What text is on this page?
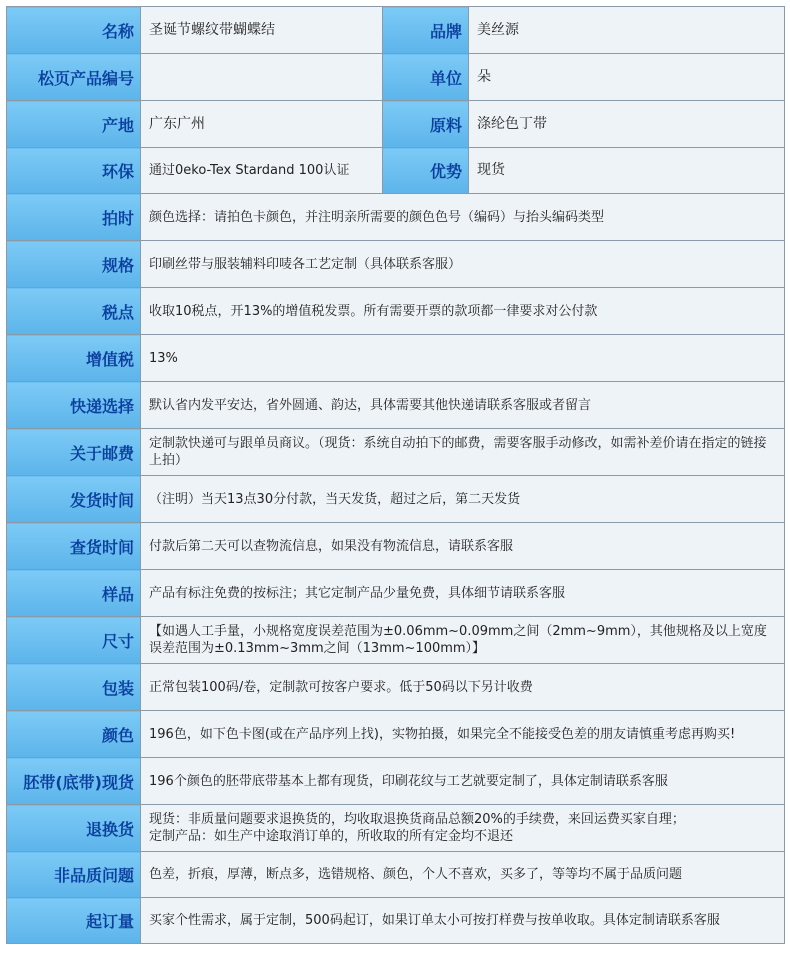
名称	圣诞节螺纹带蝴蝶结	品牌	美丝源
松页产品编号		单位	朵
产地	广东广州	原料	涤纶色丁带
环保	通过0eko-Tex Stardand 100认证	优势	现货
拍时	颜色选择：请拍色卡颜色，并注明亲所需要的颜色色号（编码）与抬头编码类型		
规格	印刷丝带与服装辅料印唛各工艺定制（具体联系客服）		
税点	收取10税点，开13%的增值税发票。所有需要开票的款项都一律要求对公付款		
增值税	13%		
快递选择	默认省内发平安达，省外圆通、韵达，具体需要其他快递请联系客服或者留言		
关于邮费	定制款快递可与跟单员商议。（现货：系统自动拍下的邮费，需要客服手动修改，如需补差价请在指定的链接上拍）		
发货时间	（注明）当天13点30分付款，当天发货，超过之后，第二天发货		
查货时间	付款后第二天可以查物流信息，如果没有物流信息，请联系客服		
样品	产品有标注免费的按标注；其它定制产品少量免费，具体细节请联系客服		
尺寸	【如遇人工手量，小规格宽度误差范围为±0.06mm~0.09mm之间（2mm~9mm），其他规格及以上宽度误差范围为±0.13mm~3mm之间（13mm~100mm）】		
包装	正常包装100码/卷，定制款可按客户要求。低于50码以下另计收费		
颜色	196色，如下色卡图(或在产品序列上找)，实物拍摄，如果完全不能接受色差的朋友请慎重考虑再购买!		
胚带(底带)现货	196个颜色的胚带底带基本上都有现货，印刷花纹与工艺就要定制了，具体定制请联系客服		
退换货	现货：非质量问题要求退换货的，均收取退换货商品总额20%的手续费，来回运费买家自理；
定制产品：如生产中途取消订单的，所收取的所有定金均不退还		
非品质问题	色差，折痕，厚薄，断点多，选错规格、颜色，个人不喜欢，买多了，等等均不属于品质问题		
起订量	买家个性需求，属于定制，500码起订，如果订单太小可按打样费与按单收取。具体定制请联系客服		
